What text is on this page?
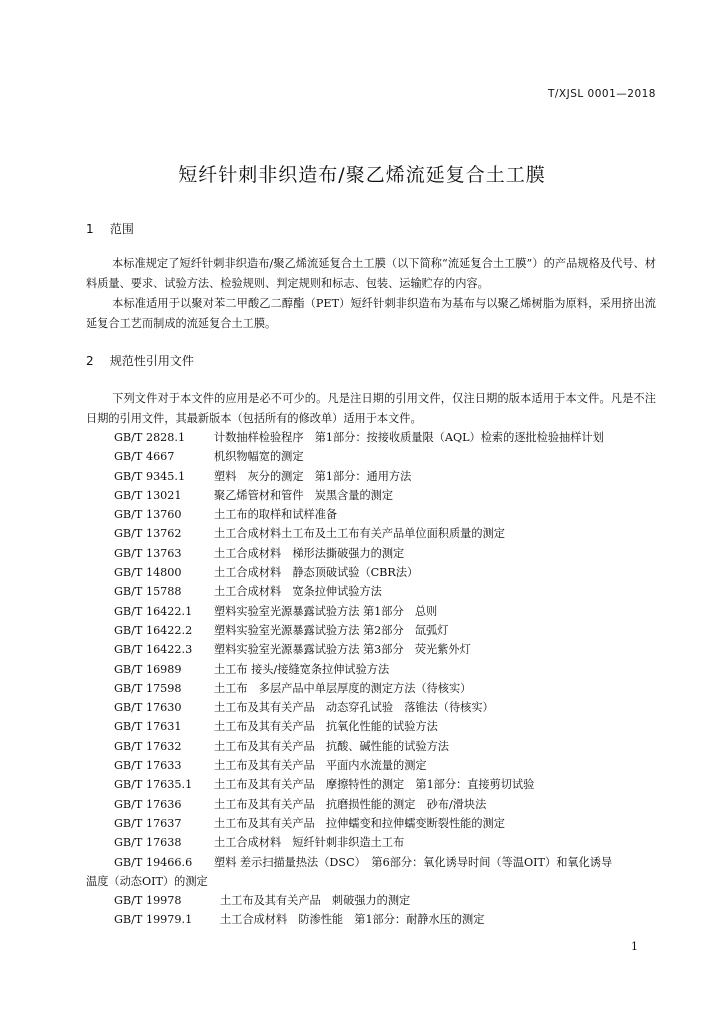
T/XJSL 0001—2018
短纤针刺非织造布/聚乙烯流延复合土工膜
1 范围

本标准规定了短纤针刺非织造布/聚乙烯流延复合土工膜（以下简称“流延复合土工膜”）的产品规格及代号、材料质量、要求、试验方法、检验规则、判定规则和标志、包装、运输贮存的内容。

本标准适用于以聚对苯二甲酸乙二醇酯（PET）短纤针刺非织造布为基布与以聚乙烯树脂为原料，采用挤出流延复合工艺而制成的流延复合土工膜。

2 规范性引用文件

下列文件对于本文件的应用是必不可少的。凡是注日期的引用文件，仅注日期的版本适用于本文件。凡是不注日期的引用文件，其最新版本（包括所有的修改单）适用于本文件。

GB/T 2828.1	计数抽样检验程序　第1部分：按接收质量限（AQL）检索的逐批检验抽样计划
GB/T 4667	机织物幅宽的测定
GB/T 9345.1	塑料　灰分的测定　第1部分：通用方法
GB/T 13021	聚乙烯管材和管件　炭黑含量的测定
GB/T 13760	土工布的取样和试样准备
GB/T 13762	土工合成材料土工布及土工布有关产品单位面积质量的测定
GB/T 13763	土工合成材料　梯形法撕破强力的测定
GB/T 14800	土工合成材料　静态顶破试验（CBR法）
GB/T 15788	土工合成材料　宽条拉伸试验方法
GB/T 16422.1 塑料实验室光源暴露试验方法 第1部分　总则
GB/T 16422.2 塑料实验室光源暴露试验方法 第2部分　氙弧灯
GB/T 16422.3 塑料实验室光源暴露试验方法 第3部分　荧光紫外灯
GB/T 16989	土工布 接头/接缝宽条拉伸试验方法
GB/T 17598	土工布　多层产品中单层厚度的测定方法（待核实）
GB/T 17630	土工布及其有关产品　动态穿孔试验　落锥法（待核实）
GB/T 17631	土工布及其有关产品　抗氧化性能的试验方法
GB/T 17632	土工布及其有关产品　抗酸、碱性能的试验方法
GB/T 17633	土工布及其有关产品　平面内水流量的测定
GB/T 17635.1 土工布及其有关产品　摩擦特性的测定　第1部分：直接剪切试验
GB/T 17636	土工布及其有关产品　抗磨损性能的测定　砂布/滑块法
GB/T 17637	土工布及其有关产品　拉伸蠕变和拉伸蠕变断裂性能的测定
GB/T 17638	土工合成材料　短纤针刺非织造土工布
GB/T 19466.6 塑料 差示扫描量热法（DSC）　第6部分：氧化诱导时间（等温OIT）和氧化诱导
温度（动态OIT）的测定
GB/T 19978	土工布及其有关产品　刺破强力的测定
GB/T 19979.1 土工合成材料　防渗性能　第1部分：耐静水压的测定
1
